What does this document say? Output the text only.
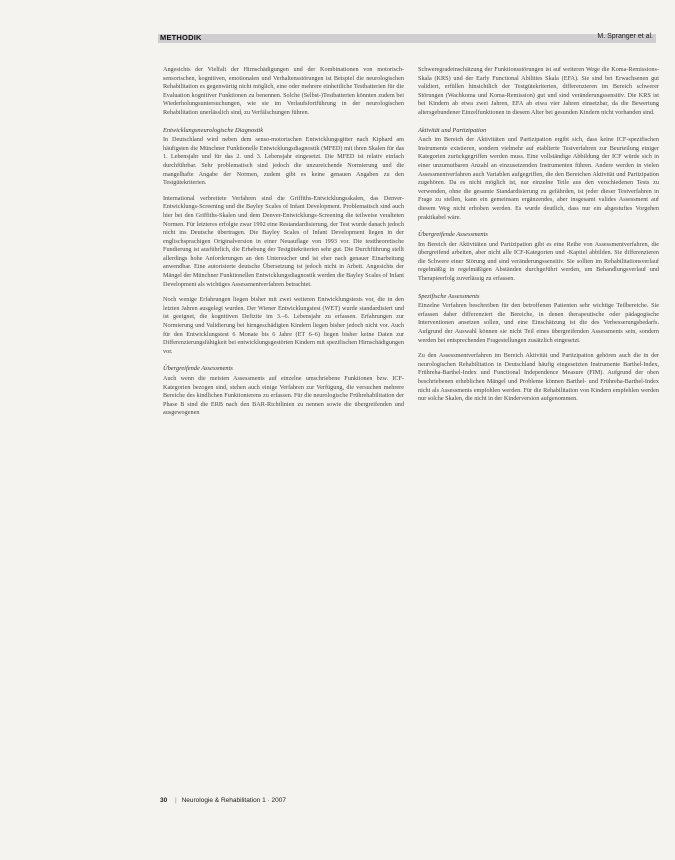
METHODIK	M. Spranger et al.

Angesichts der Vielfalt der Hirnschädigungen und der Kombinationen von motorisch-sensorischen, kognitiven, emotionalen und Verhaltensstörungen ist Beispiel die neurologischen Rehabilitation es gegenwärtig nicht möglich, eine oder mehrere einheitliche Testbatterien für die Evaluation kognitiver Funktionen zu benennen. Solche (Selbst-)Testbatterien könnten zudem bei Wiederholungsuntersuchungen, wie sie im Verlaufsfortführung in der neurologischen Rehabilitation unerlässlich sind, zu Verfälschungen führen.

Entwicklungsneurologische Diagnostik

In Deutschland wird neben dem senso-motorischen Entwicklungsgitter nach Kiphard am häufigsten die Münchner Funktionelle Entwicklungsdiagnostik (MFED) mit ihren Skalen für das 1. Lebensjahr und für das 2. und 3. Lebensjahr eingesetzt. Die MFED ist relativ einfach durchführbar. Sehr problematisch sind jedoch die unzureichende Normierung und die mangelhafte Angabe der Normen, zudem gibt es keine genauen Angaben zu den Testgütekriterien.

International verbreitete Verfahren sind die Griffiths-Entwicklungsskalen, das Denver-Entwicklungs-Screening und die Bayley Scales of Infant Development. Problematisch sind auch hier bei den Griffiths-Skalen und dem Denver-Entwicklungs-Screening die teilweise veralteten Normen. Für letzteres erfolgte zwar 1992 eine Restandardisierung, der Test wurde danach jedoch nicht ins Deutsche übertragen. Die Bayley Scales of Infant Development liegen in der englischsprachigen Originalversion in einer Neuauflage von 1993 vor. Die testtheoretische Fundierung ist ausführlich, die Erhebung der Testgütekriterien sehr gut. Die Durchführung stellt allerdings hohe Anforderungen an den Untersucher und ist eher nach genauer Einarbeitung anwendbar. Eine autorisierte deutsche Übersetzung ist jedoch nicht in Arbeit. Angesichts der Mängel der Münchner Funktionellen Entwicklungsdiagnostik werden die Bayley Scales of Infant Development als wichtiges Assessmentverfahren betrachtet.

Noch wenige Erfahrungen liegen bisher mit zwei weiteren Entwicklungstests vor, die in den letzten Jahren ausgelegt wurden. Der Wiener Entwicklungstest (WET) wurde standardisiert und ist geeignet, die kognitiven Defizite im 3.–6. Lebensjahr zu erfassen. Erfahrungen zur Normierung und Validierung bei hirngeschädigten Kindern liegen bisher jedoch nicht vor. Auch für den Entwicklungstest 6 Monate bis 6 Jahre (ET 6–6) liegen bisher keine Daten zur Differenzierungsfähigkeit bei entwicklungsgestörten Kindern mit spezifischen Hirnschädigungen vor.

Übergreifende Assessments

Auch wenn die meisten Assessments auf einzelne umschriebene Funktionen bzw. ICF-Kategorien bezogen sind, stehen auch einige Verfahren zur Verfügung, die versuchen mehrere Bereiche des kindlichen Funktionierens zu erfassen. Für die neurologische Frührehabilitation der Phase B sind die ERB nach den BAR-Richtlinien zu nennen sowie die übergreifenden und ausgewogenen

Schweregradeinschätzung der Funktionsstörungen ist auf weiteren Wege die Koma-Remissions-Skala (KRS) und der Early Functional Abilities Skala (EFA). Sie sind bei Erwachsenen gut validiert, erfüllen hinsichtlich der Testgütekriterien, differenzieren im Bereich schwerer Störungen (Wachkoma und Koma-Remission) gut und sind veränderungssensitiv. Die KRS ist bei Kindern ab etwa zwei Jahren, EFA ab etwa vier Jahren einsetzbar, da die Bewertung altersgebundener Einzelfunktionen in diesem Alter bei gesunden Kindern nicht vorhanden sind.

Aktivität und Partizipation

Auch im Bereich der Aktivitäten und Partizipation ergibt sich, dass keine ICF-spezifischen Instrumente existieren, sondern vielmehr auf etablierte Testverfahren zur Beurteilung einiger Kategorien zurückgegriffen werden muss. Eine vollständige Abbildung der ICF würde sich in einer unzumutbaren Anzahl an einzusetzenden Instrumenten führen. Andere werden in vielen Assessmentverfahren auch Variablen aufgegriffen, die den Bereichen Aktivität und Partizipation zugehören. Da es nicht möglich ist, nur einzelne Teile aus den verschiedenen Tests zu verwenden, ohne die gesamte Standardisierung zu gefährden, ist jeder dieser Testverfahren in Frage zu stellen, kann ein gemeinsam ergänzendes, aber insgesamt valides Assessment auf diesem Weg nicht erhoben werden. Es wurde deutlich, dass nur ein abgestuftes Vorgehen praktikabel wäre.

Übergreifende Assessments

Im Bereich der Aktivitäten und Partizipation gibt es eine Reihe von Assessmentverfahren, die übergreifend arbeiten, aber nicht alle ICF-Kategorien und -Kapitel abbilden. Sie differenzieren die Schwere einer Störung und sind veränderungssensitiv. Sie sollten im Rehabilitationsverlauf regelmäßig in regelmäßigen Abständen durchgeführt werden, um Behandlungsverlauf und Therapieerfolg zuverlässig zu erfassen.

Spezifische Assessments

Einzelne Verfahren beschreiben für den betroffenen Patienten sehr wichtige Teilbereiche. Sie erfassen daher differenziert die Bereiche, in denen therapeutische oder pädagogische Interventionen ansetzen sollen, und eine Einschätzung ist die des Verbesserungsbedarfs. Aufgrund der Auswahl können sie nicht Teil eines übergreifenden Assessments sein, sondern werden bei entsprechenden Fragestellungen zusätzlich eingesetzt.

Zu den Assessmentverfahren im Bereich Aktivität und Partizipation gehören auch die in der neurologischen Rehabilitation in Deutschland häufig eingesetzten Instrumente Barthel-Index, Frühreha-Barthel-Index und Functional Independence Measure (FIM). Aufgrund der oben beschriebenen erheblichen Mängel und Probleme können Barthel- und Frühreha-Barthel-Index nicht als Assessments empfohlen werden. Für die Rehabilitation von Kindern empfehlen werden nur solche Skalen, die nicht in der Kinderversion aufgenommen.

30 | Neurologie & Rehabilitation 1 · 2007
